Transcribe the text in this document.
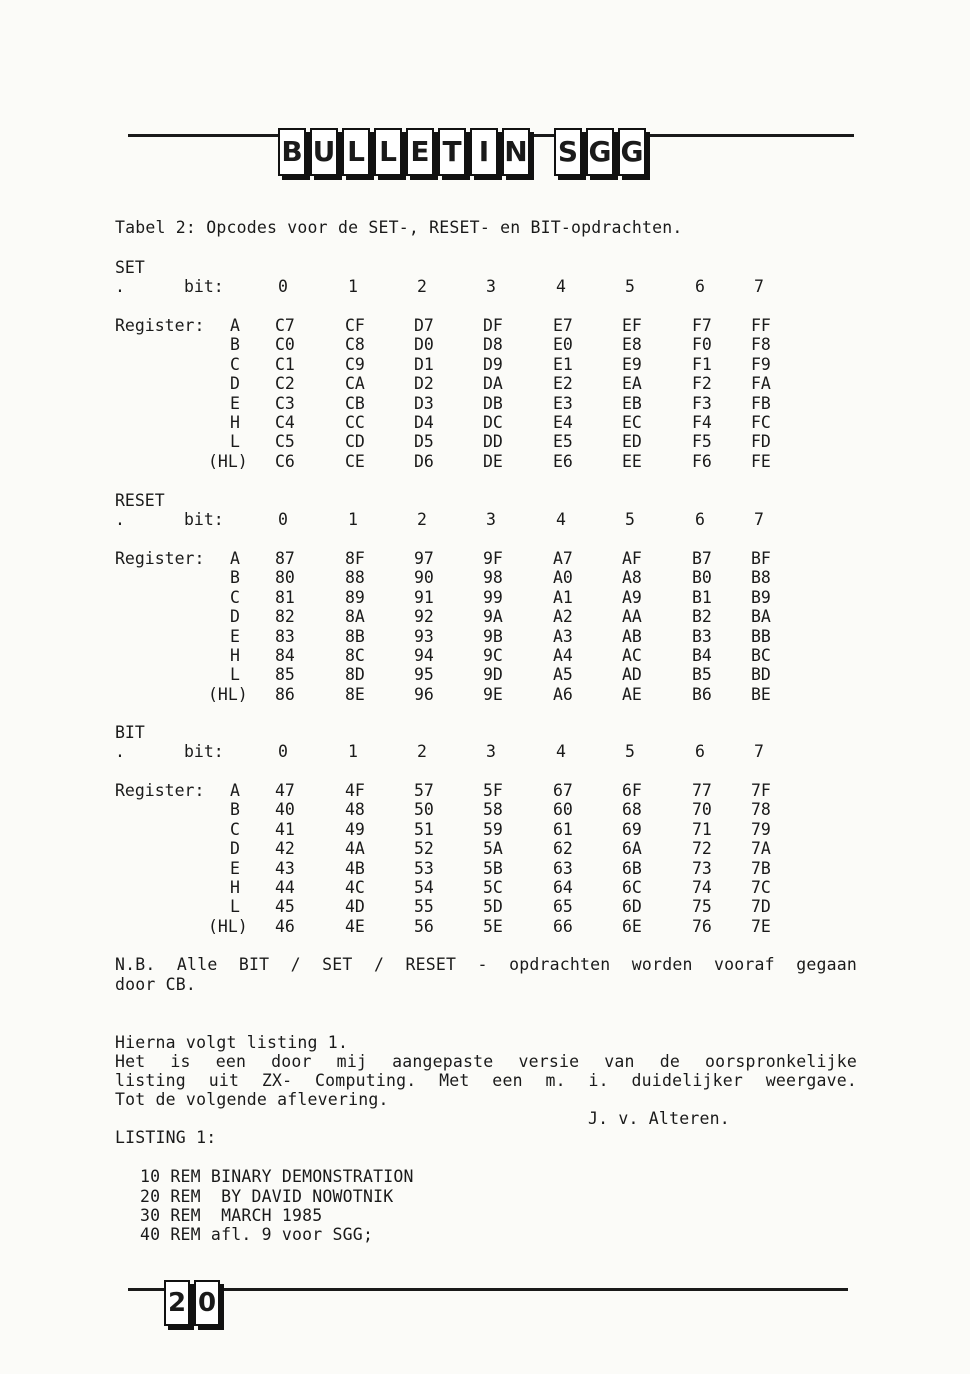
B U L L E T I N S G G
Tabel 2: Opcodes voor de SET-, RESET- en BIT-opdrachten.
SET
.	bit:	0	1	2	3	4	5	6	7
Register: A C7	CF	D7	DF	E7	EF	F7 FF
B C0	C8	D0	D8	E0	E8	F0 F8
C C1	C9	D1	D9	E1	E9	F1 F9
D C2	CA	D2	DA	E2	EA	F2 FA
E C3	CB	D3	DB	E3	EB	F3 FB
H C4	CC	D4	DC	E4	EC	F4 FC
L C5	CD	D5	DD	E5	ED	F5 FD
(HL) C6	CE	D6	DE	E6	EE	F6 FE
RESET
.	bit:	0	1	2	3	4	5	6	7
Register: A 87	8F	97	9F	A7	AF	B7 BF
B 80	88	90	98	A0	A8	B0 B8
C 81	89	91	99	A1	A9	B1 B9
D 82	8A	92	9A	A2	AA	B2 BA
E 83	8B	93	9B	A3	AB	B3 BB
H 84	8C	94	9C	A4	AC	B4 BC
L 85	8D	95	9D	A5	AD	B5 BD
(HL) 86	8E	96	9E	A6	AE	B6 BE
BIT
.	bit:	0	1	2	3	4	5	6	7
Register: A 47	4F	57	5F	67	6F	77 7F
B 40	48	50	58	60	68	70 78
C 41	49	51	59	61	69	71 79
D 42	4A	52	5A	62	6A	72 7A
E 43	4B	53	5B	63	6B	73 7B
H 44	4C	54	5C	64	6C	74 7C
L 45	4D	55	5D	65	6D	75 7D
(HL) 46	4E	56	5E	66	6E	76 7E
N.B. Alle BIT / SET / RESET - opdrachten worden vooraf gegaan
door CB.
Hierna volgt listing 1.
Het is een door mij aangepaste versie van de oorspronkelijke
listing uit ZX- Computing. Met een m. i. duidelijker weergave.
Tot de volgende aflevering.
J. v. Alteren.
LISTING 1:
10 REM BINARY DEMONSTRATION
20 REM  BY DAVID NOWOTNIK
30 REM  MARCH 1985
40 REM afl. 9 voor SGG;
2 0
